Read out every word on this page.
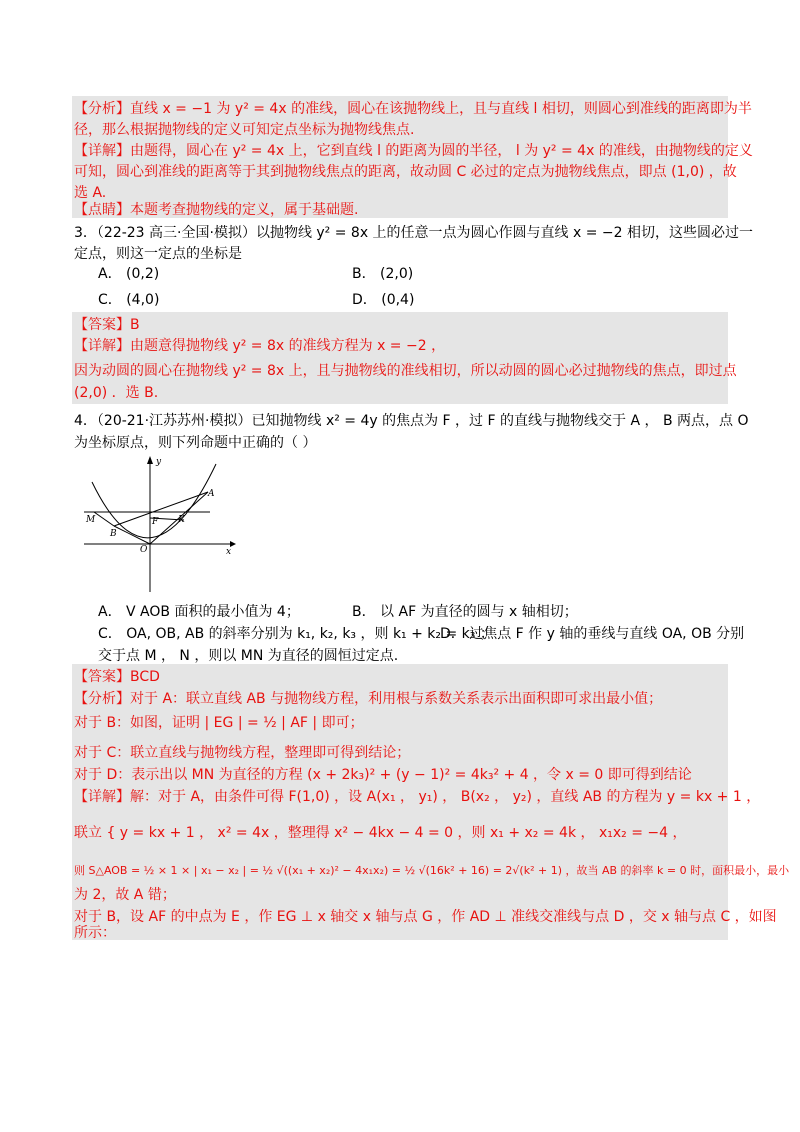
【分析】直线 x = −1 为 y² = 4x 的准线，圆心在该抛物线上，且与直线 l 相切，则圆心到准线的距离即为半
径，那么根据抛物线的定义可知定点坐标为抛物线焦点.
【详解】由题得，圆心在 y² = 4x 上，它到直线 l 的距离为圆的半径， l 为 y² = 4x 的准线，由抛物线的定义
可知，圆心到准线的距离等于其到抛物线焦点的距离，故动圆 C 必过的定点为抛物线焦点，即点 (1,0) ，故
选 A.
【点睛】本题考查抛物线的定义，属于基础题.
3．（22-23 高三·全国·模拟）以抛物线 y² = 8x 上的任意一点为圆心作圆与直线 x = −2 相切，这些圆必过一
定点，则这一定点的坐标是
A． (0,2)	B． (2,0)
C． (4,0)	D． (0,4)
【答案】B
【详解】由题意得抛物线 y² = 8x 的准线方程为 x = −2 ，
因为动圆的圆心在抛物线 y² = 8x 上，且与抛物线的准线相切，所以动圆的圆心必过抛物线的焦点，即过点
(2,0) ．选 B.
4．（20-21·江苏苏州·模拟）已知抛物线 x² = 4y 的焦点为 F ，过 F 的直线与抛物线交于 A ， B 两点，点 O
为坐标原点，则下列命题中正确的（ ）
y
x
A
M
B
F
O
K
A． V AOB 面积的最小值为 4；	B． 以 AF 为直径的圆与 x 轴相切；
C． OA, OB, AB 的斜率分别为 k₁, k₂, k₃ ，则 k₁ + k₂ = k₃ ；
D． 过焦点 F 作 y 轴的垂线与直线 OA, OB 分别
交于点 M ， N ，则以 MN 为直径的圆恒过定点.
【答案】BCD
【分析】对于 A：联立直线 AB 与抛物线方程，利用根与系数关系表示出面积即可求出最小值；
对于 B：如图，证明 | EG | = ½ | AF | 即可；
对于 C：联立直线与抛物线方程，整理即可得到结论；
对于 D：表示出以 MN 为直径的方程 (x + 2k₃)² + (y − 1)² = 4k₃² + 4 ，令 x = 0 即可得到结论
【详解】解：对于 A，由条件可得 F(1,0) ，设 A(x₁ ， y₁) ， B(x₂ ， y₂) ，直线 AB 的方程为 y = kx + 1 ，
联立 { y = kx + 1 ， x² = 4x ，整理得 x² − 4kx − 4 = 0 ，则 x₁ + x₂ = 4k ， x₁x₂ = −4 ，
则 S△AOB = ½ × 1 × | x₁ − x₂ | = ½ √((x₁ + x₂)² − 4x₁x₂) = ½ √(16k² + 16) = 2√(k² + 1) ，故当 AB 的斜率 k = 0 时，面积最小，最小
为 2，故 A 错；
对于 B，设 AF 的中点为 E ，作 EG ⊥ x 轴交 x 轴与点 G ，作 AD ⊥ 准线交准线与点 D ，交 x 轴与点 C ，如图
所示：
